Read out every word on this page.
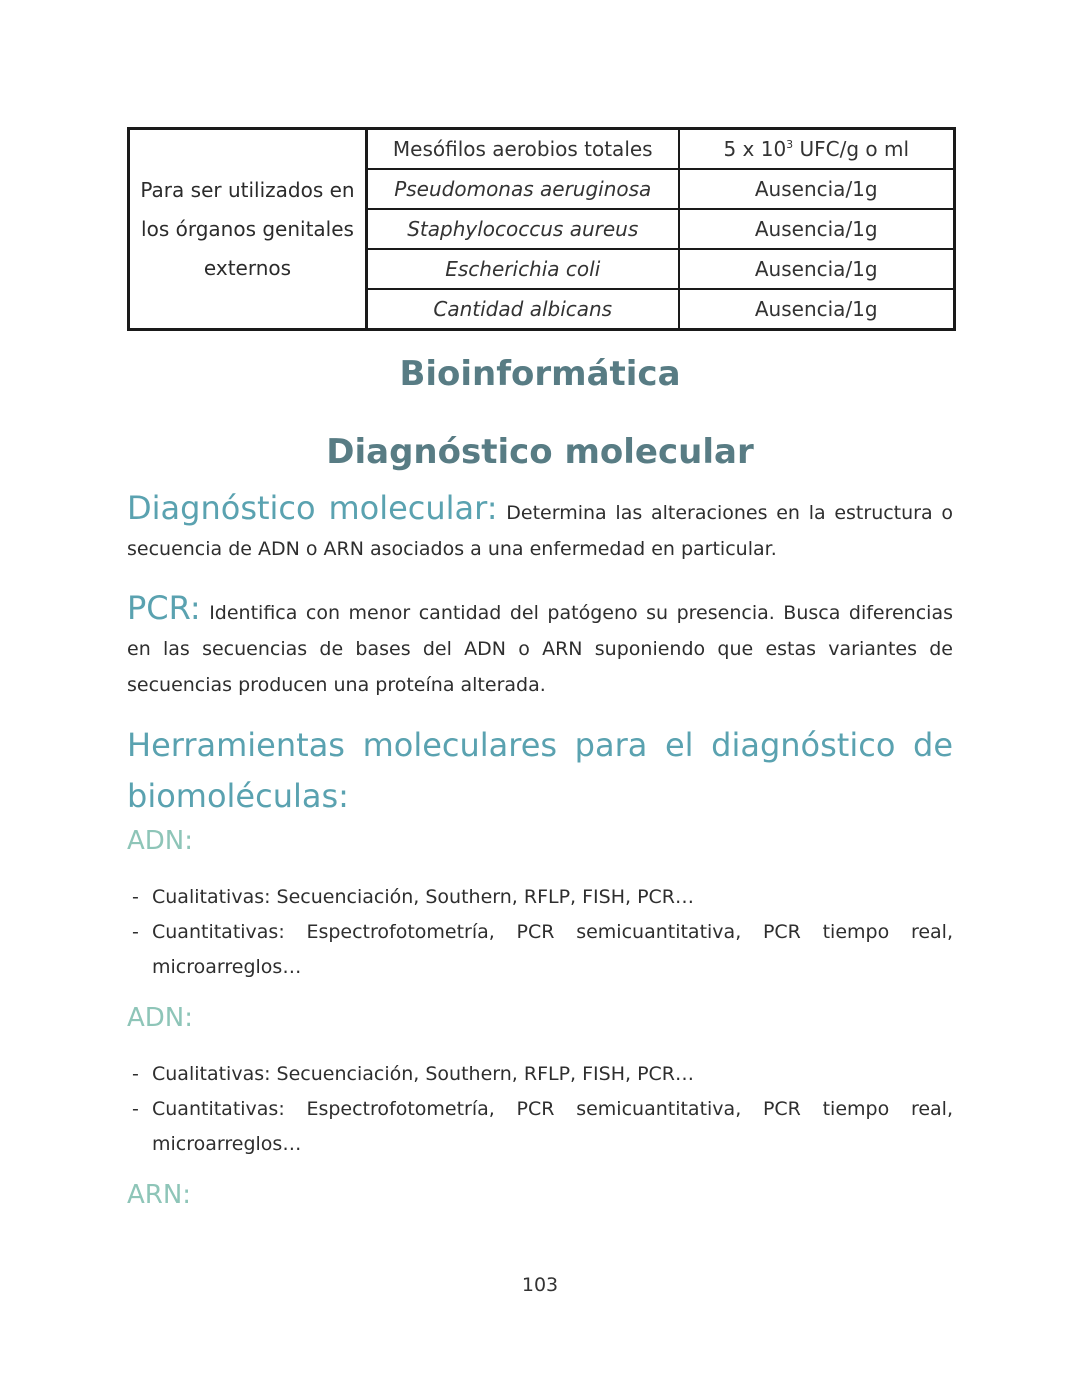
Para ser utilizados en los órganos genitales externos	Mesófilos aerobios totales	5 x $10^3$ UFC/g o ml
	Pseudomonas aeruginosa	Ausencia/1g
	Staphylococcus aureus	Ausencia/1g
	Escherichia coli	Ausencia/1g
	Cantidad albicans	Ausencia/1g
Bioinformática
Diagnóstico molecular

Diagnóstico molecular: Determina las alteraciones en la estructura o secuencia de ADN o ARN asociados a una enfermedad en particular.

PCR: Identifica con menor cantidad del patógeno su presencia. Busca diferencias en las secuencias de bases del ADN o ARN suponiendo que estas variantes de secuencias producen una proteína alterada.

Herramientas moleculares para el diagnóstico de biomoléculas:
ADN:
- Cualitativas: Secuenciación, Southern, RFLP, FISH, PCR…
- Cuantitativas: Espectrofotometría, PCR semicuantitativa, PCR tiempo real, microarreglos…
ADN:
- Cualitativas: Secuenciación, Southern, RFLP, FISH, PCR…
- Cuantitativas: Espectrofotometría, PCR semicuantitativa, PCR tiempo real, microarreglos…
ARN:
103
